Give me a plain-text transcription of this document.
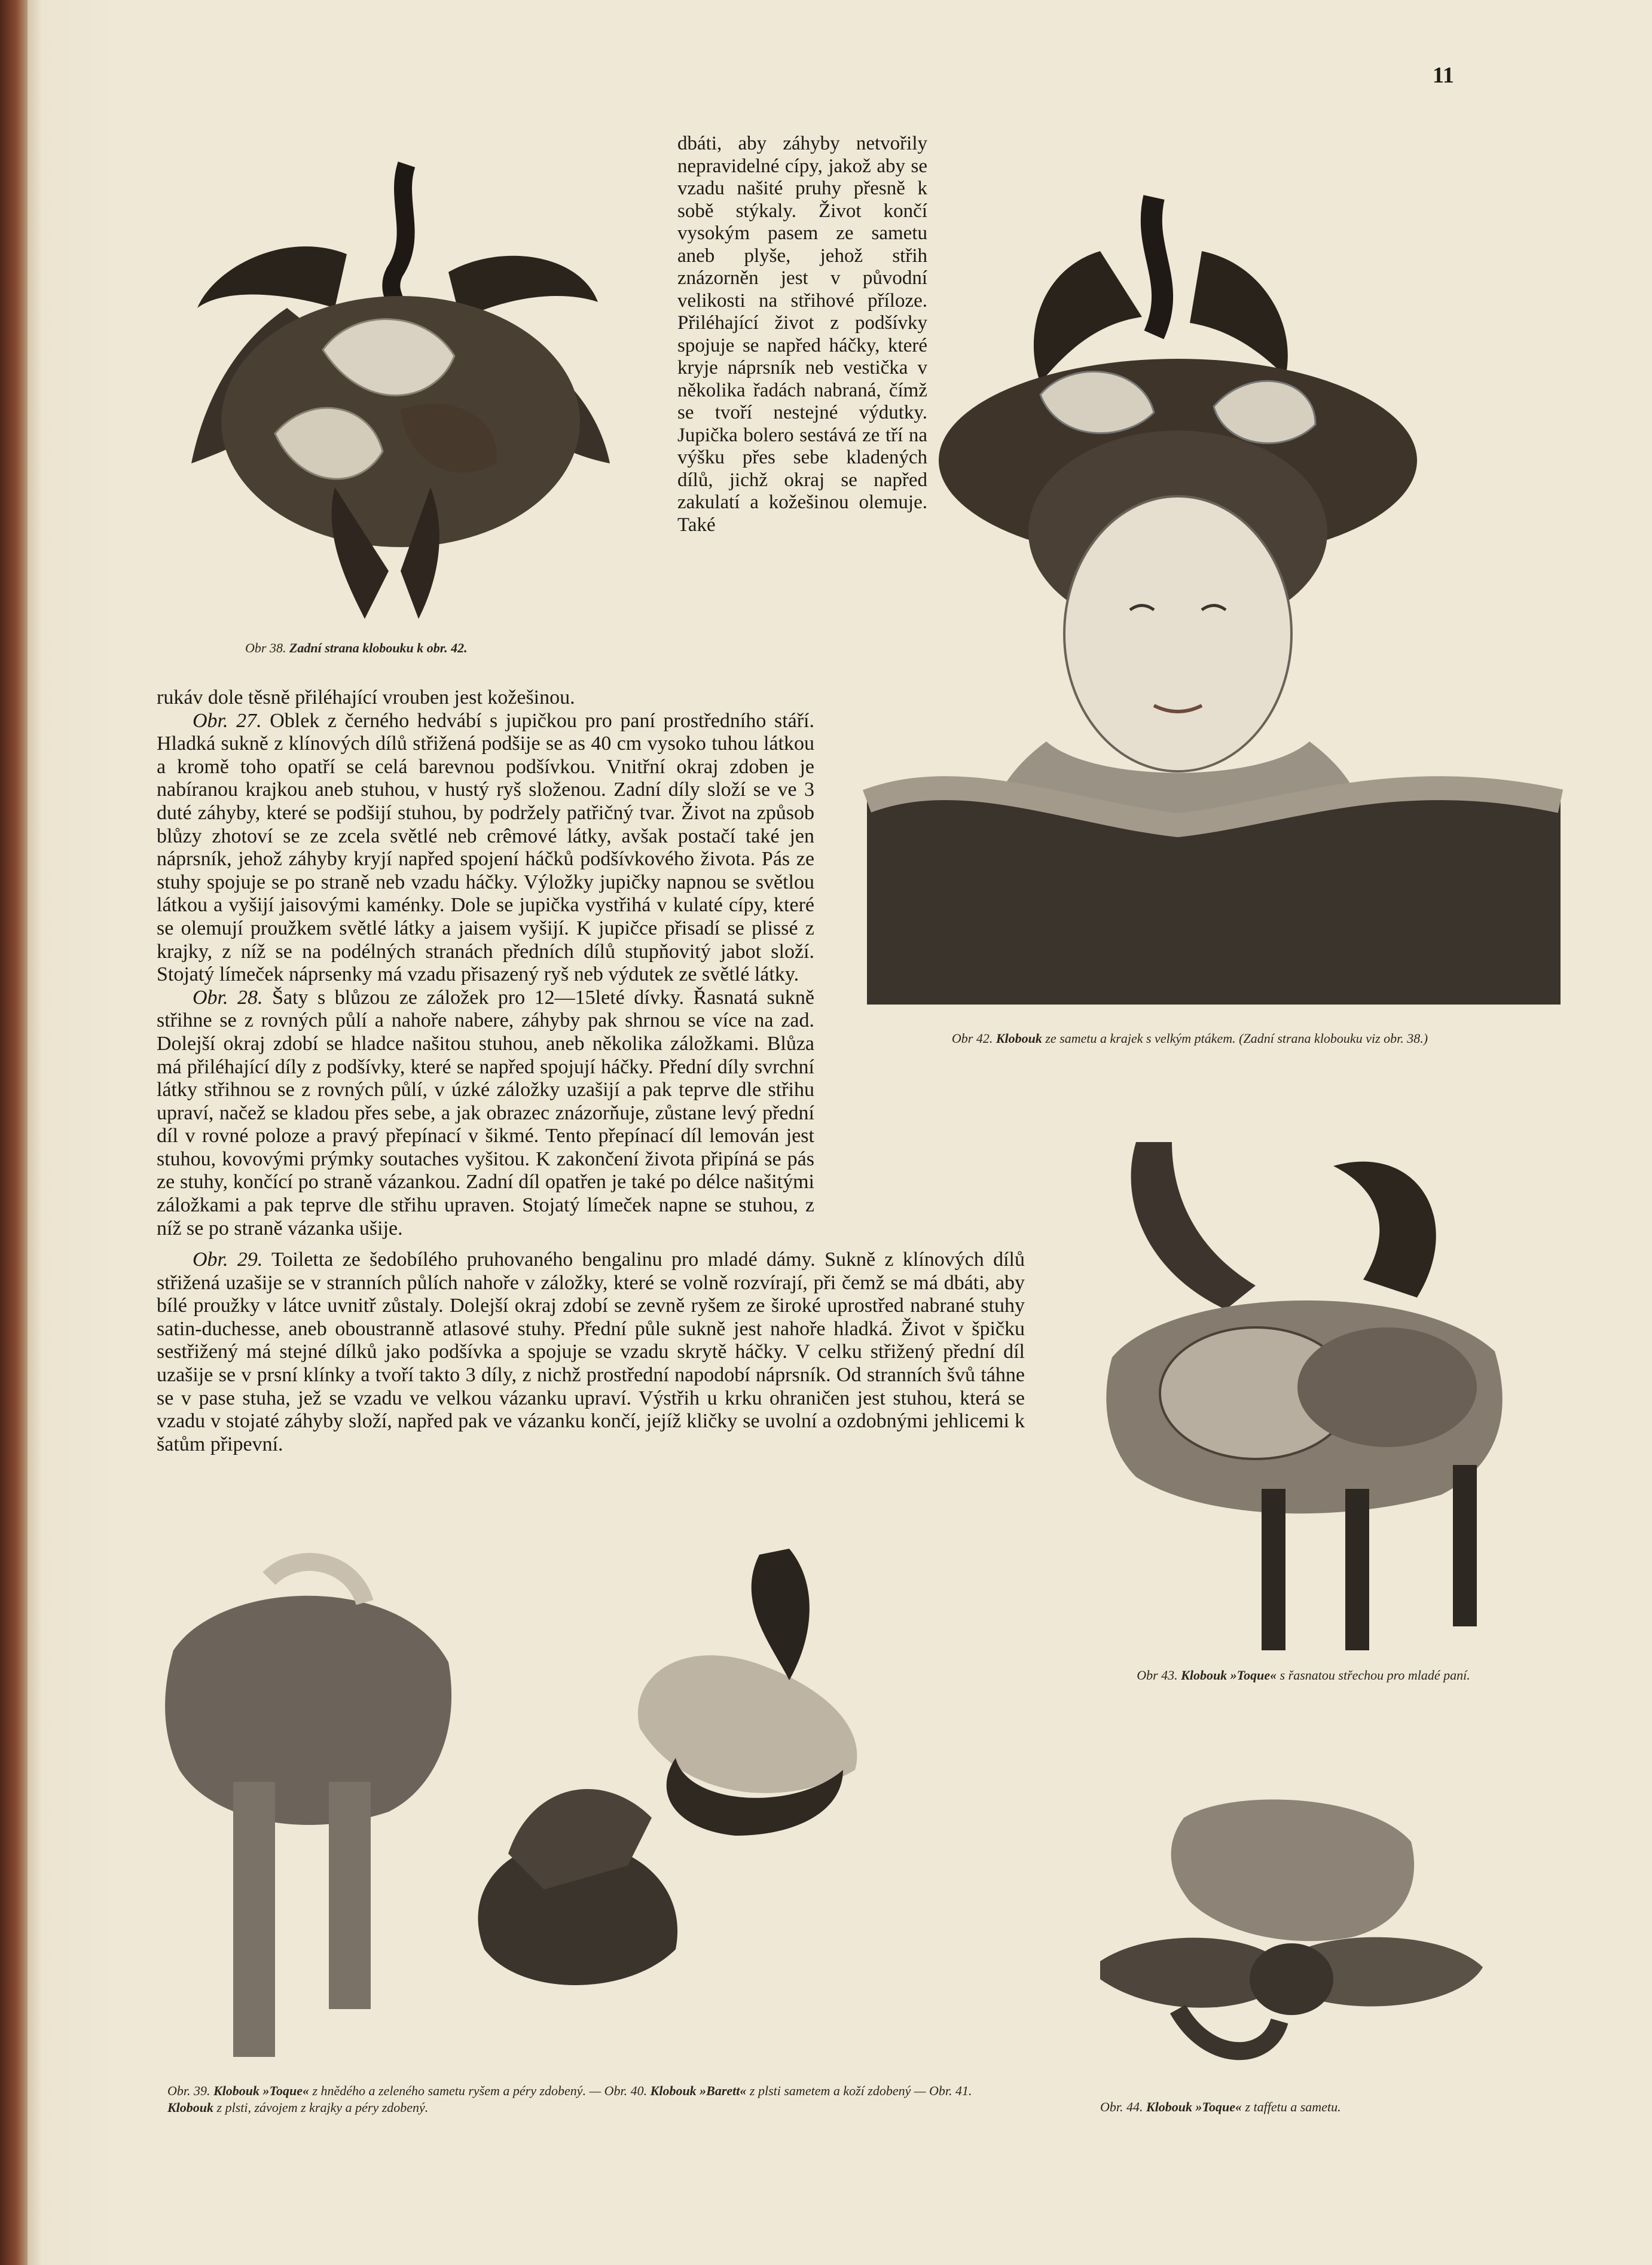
11
Obr 38. Zadní strana klobouku k obr. 42.
dbáti, aby záhyby netvořily nepravidelné cípy, jakož aby se vzadu našité pruhy přesně k sobě stýkaly. Život končí vysokým pasem ze sametu aneb plyše, jehož střih znázorněn jest v původní velikosti na střihové příloze. Přiléhající život z podšívky spojuje se napřed háčky, které kryje náprsník neb vestička v několika řadách nabraná, čímž se tvoří nestejné výdutky. Jupička bolero sestává ze tří na výšku přes sebe kladených dílů, jichž okraj se napřed zakulatí a kožešinou olemuje. Také
Obr 42. Klobouk ze sametu a krajek s velkým ptákem. (Zadní strana klobouku viz obr. 38.)

rukáv dole těsně přiléhající vrouben jest kožešinou.

Obr. 27. Oblek z černého hedvábí s jupičkou pro paní prostředního stáří. Hladká sukně z klínových dílů střižená podšije se as 40 cm vysoko tuhou látkou a kromě toho opatří se celá barevnou podšívkou. Vnitřní okraj zdoben je nabíranou krajkou aneb stuhou, v hustý ryš složenou. Zadní díly složí se ve 3 duté záhyby, které se podšijí stuhou, by podržely patřičný tvar. Život na způsob blůzy zhotoví se ze zcela světlé neb crêmové látky, avšak postačí také jen náprsník, jehož záhyby kryjí napřed spojení háčků podšívkového života. Pás ze stuhy spojuje se po straně neb vzadu háčky. Výložky jupičky napnou se světlou látkou a vyšijí jaisovými kaménky. Dole se jupička vystřihá v kulaté cípy, které se olemují proužkem světlé látky a jaisem vyšijí. K jupičce přisadí se plissé z krajky, z níž se na podélných stranách předních dílů stupňovitý jabot složí. Stojatý límeček náprsenky má vzadu přisazený ryš neb výdutek ze světlé látky.

Obr. 28. Šaty s blůzou ze záložek pro 12—15leté dívky. Řasnatá sukně střihne se z rovných půlí a nahoře nabere, záhyby pak shrnou se více na zad. Dolejší okraj zdobí se hladce našitou stuhou, aneb několika záložkami. Blůza má přiléhající díly z podšívky, které se napřed spojují háčky. Přední díly svrchní látky střihnou se z rovných půlí, v úzké záložky uzašijí a pak teprve dle střihu upraví, načež se kladou přes sebe, a jak obrazec znázorňuje, zůstane levý přední díl v rovné poloze a pravý přepínací v šikmé. Tento přepínací díl lemován jest stuhou, kovovými prýmky soutaches vyšitou. K zakončení života připíná se pás ze stuhy, končící po straně vázankou. Zadní díl opatřen je také po délce našitými záložkami a pak teprve dle střihu upraven. Stojatý límeček napne se stuhou, z níž se po straně vázanka ušije.

Obr 43. Klobouk »Toque« s řasnatou střechou pro mladé paní.

Obr. 29. Toiletta ze šedobílého pruhovaného bengalinu pro mladé dámy. Sukně z klínových dílů střižená uzašije se v stranních půlích nahoře v záložky, které se volně rozvírají, při čemž se má dbáti, aby bílé proužky v látce uvnitř zůstaly. Dolejší okraj zdobí se zevně ryšem ze široké uprostřed nabrané stuhy satin-duchesse, aneb oboustranně atlasové stuhy. Přední půle sukně jest nahoře hladká. Život v špičku sestřižený má stejné dílků jako podšívka a spojuje se vzadu skrytě háčky. V celku střižený přední díl uzašije se v prsní klínky a tvoří takto 3 díly, z nichž prostřední napodobí náprsník. Od stranních švů táhne se v pase stuha, jež se vzadu ve velkou vázanku upraví. Výstřih u krku ohraničen jest stuhou, která se vzadu v stojaté záhyby složí, napřed pak ve vázanku končí, jejíž kličky se uvolní a ozdobnými jehlicemi k šatům připevní.

Obr. 39. Klobouk »Toque« z hnědého a zeleného sametu ryšem a péry zdobený. — Obr. 40. Klobouk »Barett« z plsti sametem a koží zdobený — Obr. 41. Klobouk z plsti, závojem z krajky a péry zdobený.	Obr. 44. Klobouk »Toque« z taffetu a sametu.
